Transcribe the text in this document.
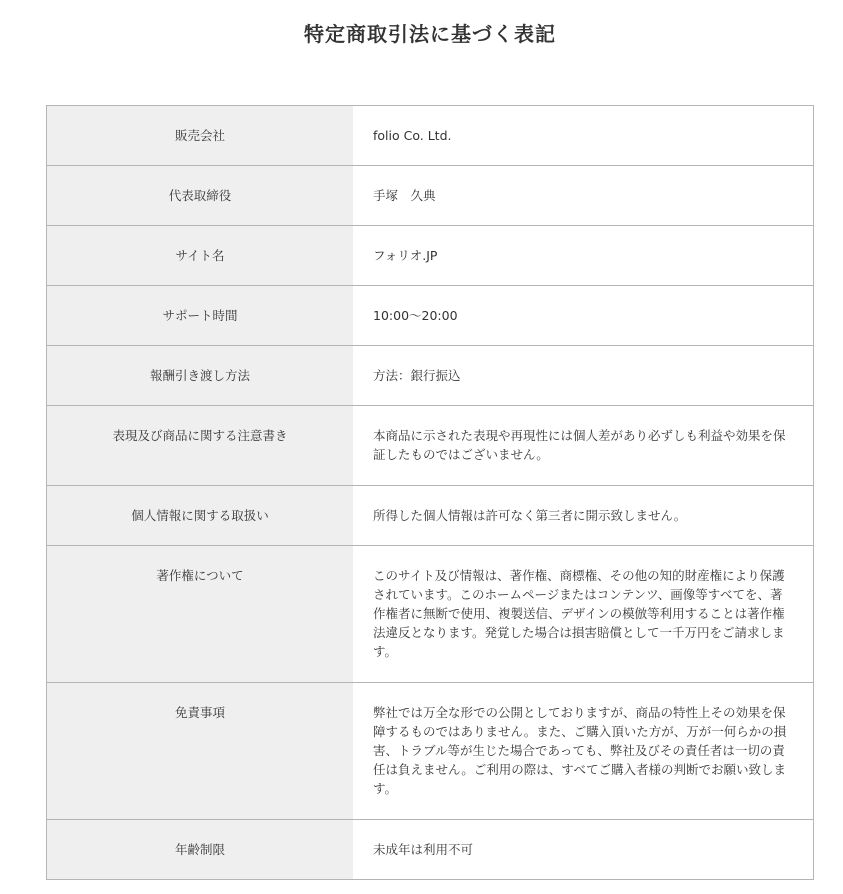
特定商取引法に基づく表記
販売会社	folio Co. Ltd.

代表取締役	手塚　久典

サイト名	フォリオ.JP

サポート時間	10:00〜20:00

報酬引き渡し方法	方法：銀行振込

表現及び商品に関する注意書き	本商品に示された表現や再現性には個人差があり必ずしも利益や効果を保証したものではございません。

個人情報に関する取扱い	所得した個人情報は許可なく第三者に開示致しません。

著作権について	このサイト及び情報は、著作権、商標権、その他の知的財産権により保護されています。このホームページまたはコンテンツ、画像等すべてを、著作権者に無断で使用、複製送信、デザインの模倣等利用することは著作権法違反となります。発覚した場合は損害賠償として一千万円をご請求します。

免責事項	弊社では万全な形での公開としておりますが、商品の特性上その効果を保障するものではありません。また、ご購入頂いた方が、万が一何らかの損害、トラブル等が生じた場合であっても、弊社及びその責任者は一切の責任は負えません。ご利用の際は、すべてご購入者様の判断でお願い致します。

年齢制限	未成年は利用不可
